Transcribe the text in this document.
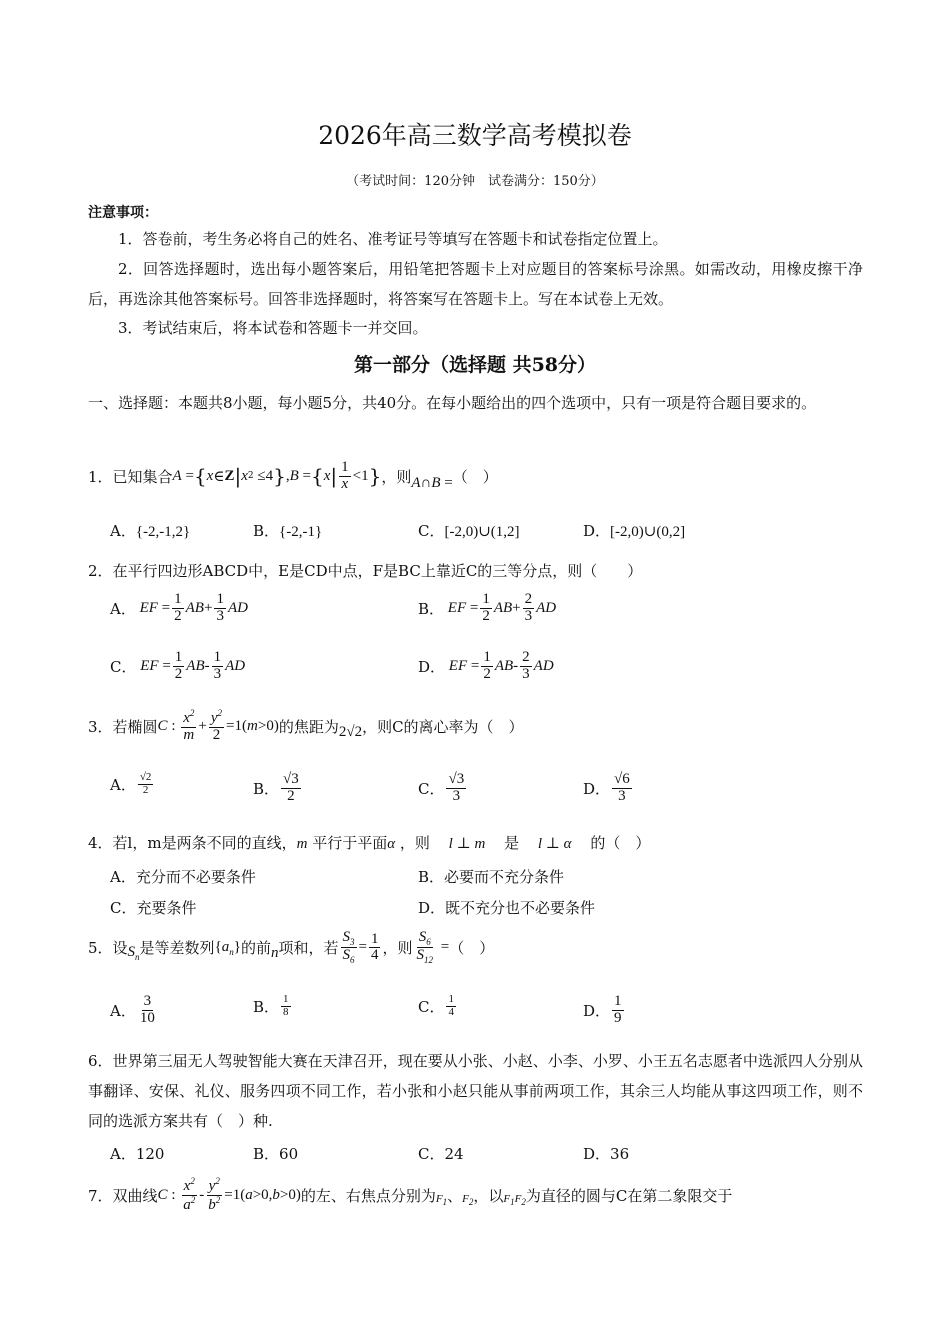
2026年高三数学高考模拟卷
（考试时间：120分钟　试卷满分：150分）
注意事项：
1．答卷前，考生务必将自己的姓名、准考证号等填写在答题卡和试卷指定位置上。
2．回答选择题时，选出每小题答案后，用铅笔把答题卡上对应题目的答案标号涂黑。如需改动，用橡皮擦干净后，再选涂其他答案标号。回答非选择题时，将答案写在答题卡上。写在本试卷上无效。
3．考试结束后，将本试卷和答题卡一并交回。
第一部分（选择题 共58分）
一、选择题：本题共8小题，每小题5分，共40分。在每小题给出的四个选项中，只有一项是符合题目要求的。
1．已知集合 A = { x ∈ Z | x 2 ≤4 } , B = { x | $\frac{1}{x} <1$ } ，则 A ∩ B = （　）
A．{-2,-1,2}	B．{-2,-1}	C．[-2,0)∪(1,2]	D．[-2,0)∪(0,2]
2．在平行四边形ABCD中，E是CD中点，F是BC上靠近C的三等分点，则（　　）
A． EF = $\frac{1}{2}$ AB + $\frac{1}{3}$ AD	B． EF = $\frac{1}{2}$ AB + $\frac{2}{3}$ AD
C． EF = $\frac{1}{2}$ AB - $\frac{1}{3}$ AD	D． EF = $\frac{1}{2}$ AB - $\frac{2}{3}$ AD
3．若椭圆 C : $\frac{x^2}{m} + \frac{y^2}{2} =1$( m >0) 的焦距为 2√2 ，则C的离心率为（　）
A． $\frac{√2}{2}$	B． $\frac{√3}{2}$	C． $\frac{√3}{3}$	D． $\frac{√6}{3}$
4．若l，m是两条不同的直线，m 平行于平面α ，则 l ⊥ m 是 l ⊥ α 的（　）
A．充分而不必要条件	B．必要而不充分条件
C．充要条件	D．既不充分也不必要条件
5．设 $S_n$ 是等差数列 { $a_n$ } 的前 n 项和，若 $\frac{S_3}{S_6} = \frac{1}{4}$ ，则 $\frac{S_6}{S_{12}}$ = （　）
A． $\frac{3}{10}$	B． $\frac{1}{8}$	C． $\frac{1}{4}$	D． $\frac{1}{9}$
6．世界第三届无人驾驶智能大赛在天津召开，现在要从小张、小赵、小李、小罗、小王五名志愿者中选派四人分别从事翻译、安保、礼仪、服务四项不同工作，若小张和小赵只能从事前两项工作，其余三人均能从事这四项工作，则不同的选派方案共有（　）种.
A．120	B．60	C．24	D．36
7．双曲线 C : $\frac{x^2}{a^2} - \frac{y^2}{b^2} =1$( a >0, b >0) 的左、右焦点分别为 $F_1$ 、 $F_2$ ，以 $F_1F_2$ 为直径的圆与C在第二象限交于
